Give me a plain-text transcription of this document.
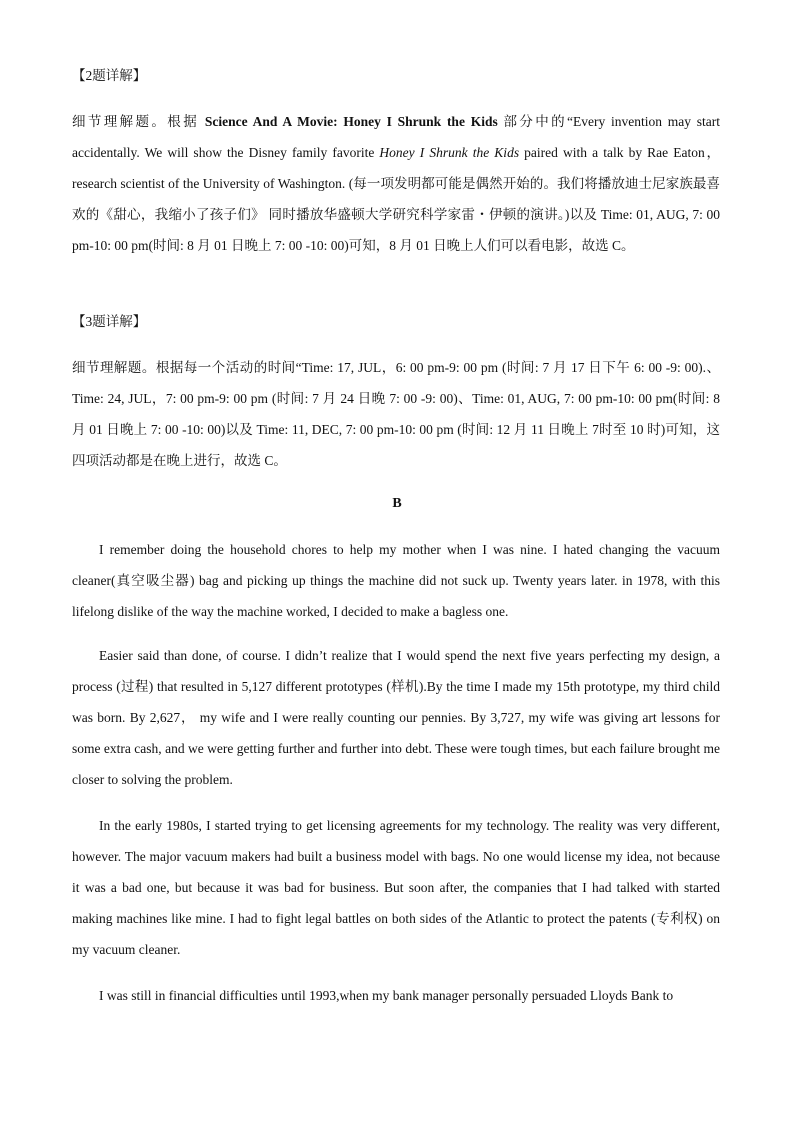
【2题详解】

细节理解题。根据 Science And A Movie: Honey I Shrunk the Kids 部分中的“Every invention may start accidentally. We will show the Disney family favorite Honey I Shrunk the Kids paired with a talk by Rae Eaton，research scientist of the University of Washington. (每一项发明都可能是偶然开始的。我们将播放迪士尼家族最喜欢的《甜心，我缩小了孩子们》 同时播放华盛顿大学研究科学家雷・伊顿的演讲。)以及 Time: 01, AUG, 7: 00 pm-10: 00 pm(时间: 8 月 01 日晚上 7: 00 -10: 00)可知，8 月 01 日晚上人们可以看电影，故选 C。

【3题详解】

细节理解题。根据每一个活动的时间“Time: 17, JUL，6: 00 pm-9: 00 pm (时间: 7 月 17 日下午 6: 00 -9: 00).、Time: 24, JUL，7: 00 pm-9: 00 pm (时间: 7 月 24 日晚 7: 00 -9: 00)、Time: 01, AUG, 7: 00 pm-10: 00 pm(时间: 8 月 01 日晚上 7: 00 -10: 00)以及 Time: 11, DEC, 7: 00 pm-10: 00 pm (时间: 12 月 11 日晚上 7时至 10 时)可知，这四项活动都是在晚上进行，故选 C。

B

I remember doing the household chores to help my mother when I was nine. I hated changing the vacuum cleaner(真空吸尘器) bag and picking up things the machine did not suck up. Twenty years later. in 1978, with this lifelong dislike of the way the machine worked, I decided to make a bagless one.

Easier said than done, of course. I didn’t realize that I would spend the next five years perfecting my design, a process (过程) that resulted in 5,127 different prototypes (样机).By the time I made my 15th prototype, my third child was born. By 2,627， my wife and I were really counting our pennies. By 3,727, my wife was giving art lessons for some extra cash, and we were getting further and further into debt. These were tough times, but each failure brought me closer to solving the problem.

In the early 1980s, I started trying to get licensing agreements for my technology. The reality was very different, however. The major vacuum makers had built a business model with bags. No one would license my idea, not because it was a bad one, but because it was bad for business. But soon after, the companies that I had talked with started making machines like mine. I had to fight legal battles on both sides of the Atlantic to protect the patents (专利权) on my vacuum cleaner.

I was still in financial difficulties until 1993,when my bank manager personally persuaded Lloyds Bank to
